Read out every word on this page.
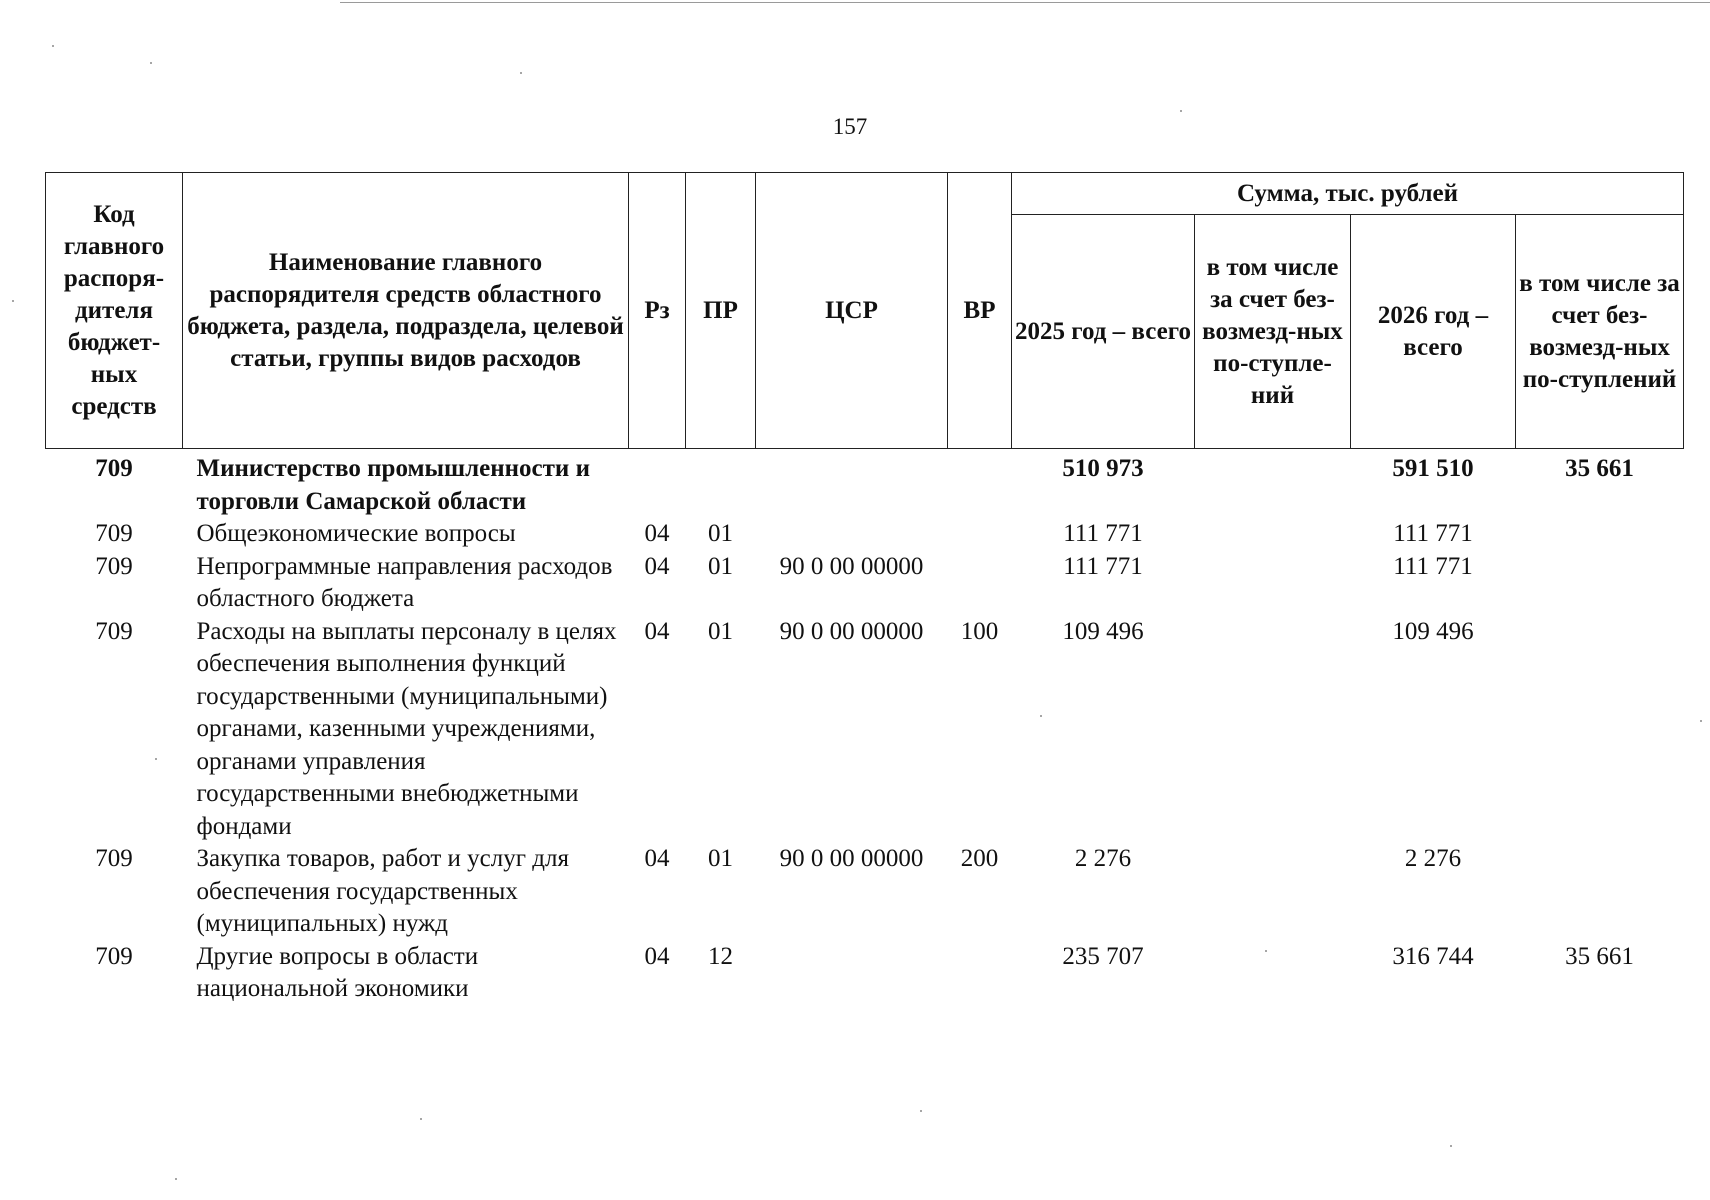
157
Код главного распоря-дителя бюджет-ных средств	Наименование главного распорядителя средств областного бюджета, раздела, подраздела, целевой статьи, группы видов расходов	Рз	ПР	ЦСР	ВР	Сумма, тыс. рублей			
						2025 год – всего	в том числе за счет без-возмезд-ных по-ступле-ний	2026 год – всего	в том числе за счет без-возмезд-ных по-ступлений
709	Министерство промышленности и торговли Самарской области					510 973		591 510	35 661
709	Общеэкономические вопросы	04	01			111 771		111 771	
709	Непрограммные направления расходов областного бюджета	04	01	90 0 00 00000		111 771		111 771	
709	Расходы на выплаты персоналу в целях обеспечения выполнения функций государственными (муниципальными) органами, казенными учреждениями, органами управления государственными внебюджетными фондами	04	01	90 0 00 00000	100	109 496		109 496	
709	Закупка товаров, работ и услуг для обеспечения государственных (муниципальных) нужд	04	01	90 0 00 00000	200	2 276		2 276	
709	Другие вопросы в области национальной экономики	04	12			235 707		316 744	35 661
